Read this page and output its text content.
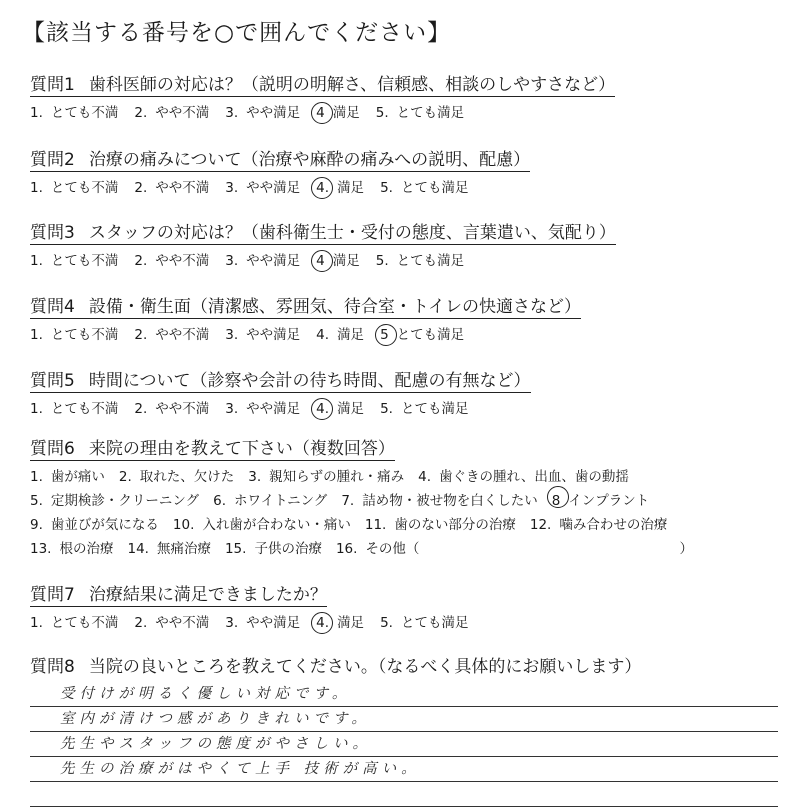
【該当する番号を○で囲んでください】
質問1 歯科医師の対応は？（説明の明解さ、信頼感、相談のしやすさなど）
1. とても不満 2. やや不満 3. やや満足 4 満足 5. とても満足
質問2 治療の痛みについて（治療や麻酔の痛みへの説明、配慮）
1. とても不満 2. やや不満 3. やや満足 4. 満足 5. とても満足
質問3 スタッフの対応は？（歯科衛生士・受付の態度、言葉遣い、気配り）
1. とても不満 2. やや不満 3. やや満足 4 満足 5. とても満足
質問4 設備・衛生面（清潔感、雰囲気、待合室・トイレの快適さなど）
1. とても不満 2. やや不満 3. やや満足 4. 満足 5 とても満足
質問5 時間について（診察や会計の待ち時間、配慮の有無など）
1. とても不満 2. やや不満 3. やや満足 4. 満足 5. とても満足
質問6 来院の理由を教えて下さい（複数回答）
1. 歯が痛い 2. 取れた、欠けた 3. 親知らずの腫れ・痛み 4. 歯ぐきの腫れ、出血、歯の動揺
5. 定期検診・クリーニング 6. ホワイトニング 7. 詰め物・被せ物を白くしたい 8 インプラント
9. 歯並びが気になる 10. 入れ歯が合わない・痛い 11. 歯のない部分の治療 12. 噛み合わせの治療
13. 根の治療 14. 無痛治療 15. 子供の治療 16. その他（	）
質問7 治療結果に満足できましたか？
1. とても不満 2. やや不満 3. やや満足 4. 満足 5. とても満足
質問8 当院の良いところを教えてください。（なるべく具体的にお願いします）
受付けが明るく優しい対応です。
室内が清けつ感がありきれいです。
先生やスタッフの態度がやさしい。
先生の治療がはやくて上手 技術が高い。
